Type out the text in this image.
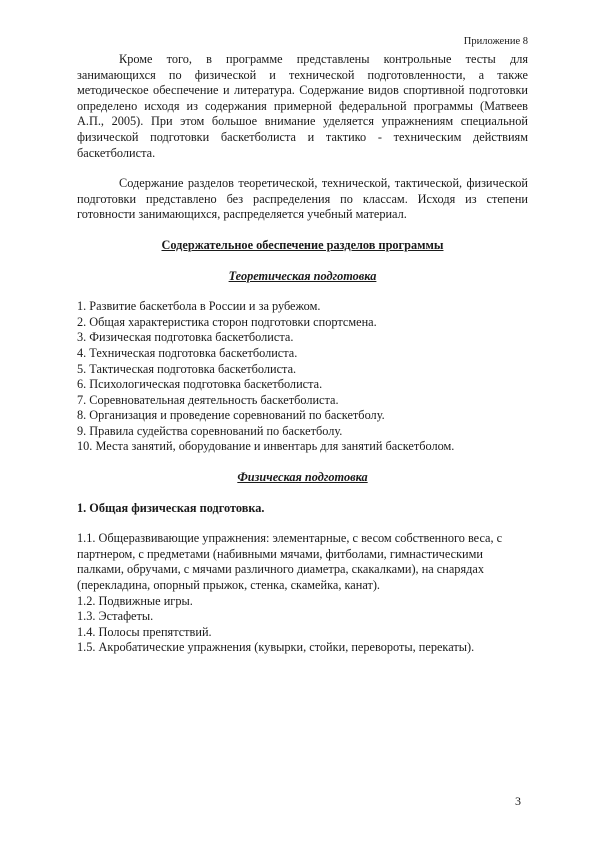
Приложение 8

Кроме того, в программе представлены контрольные тесты для занимающихся по физической и технической подготовленности, а также методическое обеспечение и литература. Содержание видов спортивной подготовки определено исходя из содержания примерной федеральной программы (Матвеев А.П., 2005). При этом большое внимание уделяется упражнениям специальной физической подготовки баскетболиста и тактико - техническим действиям баскетболиста.

Содержание разделов теоретической, технической, тактической, физической подготовки представлено без распределения по классам. Исходя из степени готовности занимающихся, распределяется учебный материал.

Содержательное обеспечение разделов программы

Теоретическая подготовка

1. Развитие баскетбола в России и за рубежом.
2. Общая характеристика сторон подготовки спортсмена.
3. Физическая подготовка баскетболиста.
4. Техническая подготовка баскетболиста.
5. Тактическая подготовка баскетболиста.
6. Психологическая подготовка баскетболиста.
7. Соревновательная деятельность баскетболиста.
8. Организация и проведение соревнований по баскетболу.
9. Правила судейства соревнований по баскетболу.
10. Места занятий, оборудование и инвентарь для занятий баскетболом.

Физическая подготовка

1. Общая физическая подготовка.

1.1. Общеразвивающие упражнения: элементарные, с весом собственного веса, с партнером, с предметами (набивными мячами, фитболами, гимнастическими палками, обручами, с мячами различного диаметра, скакалками), на снарядах (перекладина, опорный прыжок, стенка, скамейка, канат).

1.2. Подвижные игры.

1.3. Эстафеты.

1.4. Полосы препятствий.

1.5. Акробатические упражнения (кувырки, стойки, перевороты, перекаты).

3
